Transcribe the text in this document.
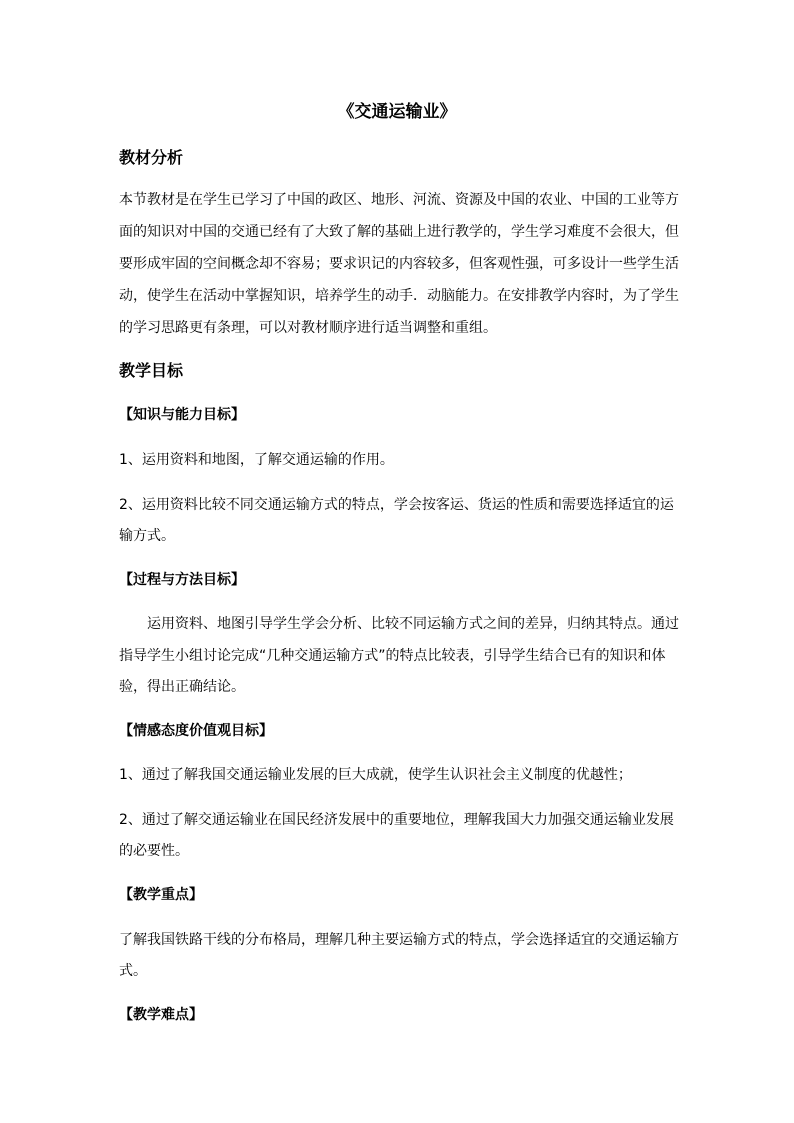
《交通运输业》
教材分析
本节教材是在学生已学习了中国的政区、地形、河流、资源及中国的农业、中国的工业等方
面的知识对中国的交通已经有了大致了解的基础上进行教学的，学生学习难度不会很大，但
要形成牢固的空间概念却不容易；要求识记的内容较多，但客观性强，可多设计一些学生活
动，使学生在活动中掌握知识，培养学生的动手．动脑能力。在安排教学内容时，为了学生
的学习思路更有条理，可以对教材顺序进行适当调整和重组。
教学目标
【知识与能力目标】
1、运用资料和地图，了解交通运输的作用。
2、运用资料比较不同交通运输方式的特点，学会按客运、货运的性质和需要选择适宜的运
输方式。
【过程与方法目标】
运用资料、地图引导学生学会分析、比较不同运输方式之间的差异，归纳其特点。通过
指导学生小组讨论完成“几种交通运输方式”的特点比较表，引导学生结合已有的知识和体
验，得出正确结论。
【情感态度价值观目标】
1、通过了解我国交通运输业发展的巨大成就，使学生认识社会主义制度的优越性；
2、通过了解交通运输业在国民经济发展中的重要地位，理解我国大力加强交通运输业发展
的必要性。
【教学重点】
了解我国铁路干线的分布格局，理解几种主要运输方式的特点，学会选择适宜的交通运输方
式。
【教学难点】
